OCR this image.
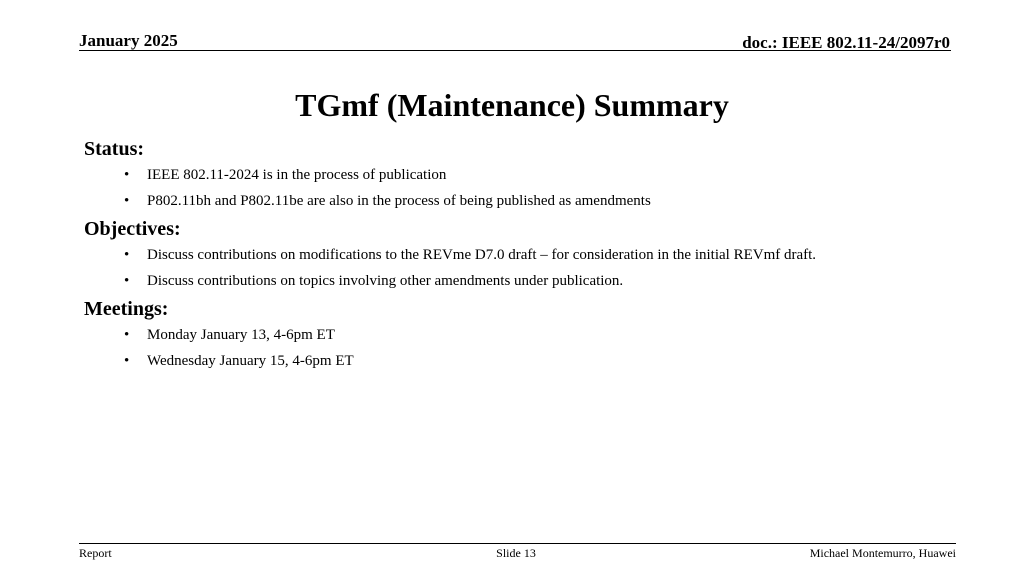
January 2025	doc.: IEEE 802.11-24/2097r0
TGmf (Maintenance) Summary
Status:
• IEEE 802.11-2024 is in the process of publication
• P802.11bh and P802.11be are also in the process of being published as amendments
Objectives:
• Discuss contributions on modifications to the REVme D7.0 draft – for consideration in the initial REVmf draft.
• Discuss contributions on topics involving other amendments under publication.
Meetings:
• Monday January 13, 4-6pm ET
• Wednesday January 15, 4-6pm ET
Report	Slide 13	Michael Montemurro, Huawei
